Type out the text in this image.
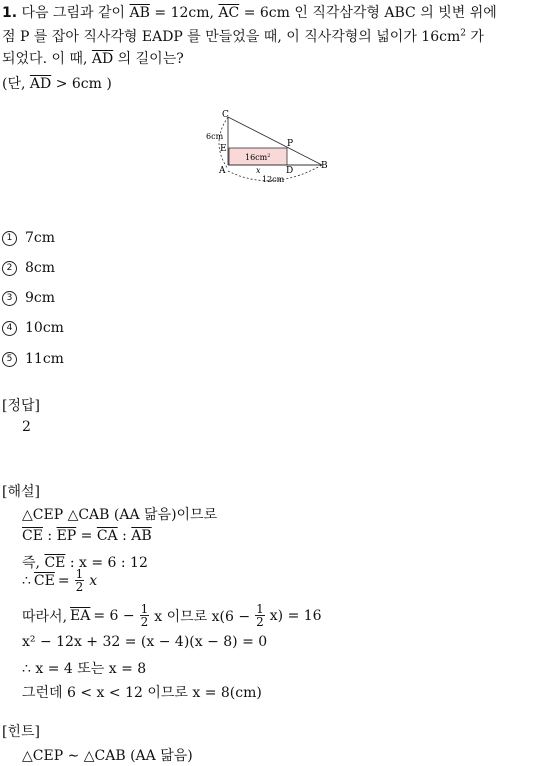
1. 다음 그림과 같이 $\overline{AB} = 12cm$, $\overline{AC} = 6cm$ 인 직각삼각형 ABC 의 빗변 위에
점 P 를 잡아 직사각형 EADP 를 만들었을 때, 이 직사각형의 넓이가 $16cm^2$ 가
되었다. 이 때, $\overline{AD}$ 의 길이는?
(단, $\overline{AD} > 6cm$ )
C
6cm
E	P
A	x	D	B
12cm
$16cm^2$
1 7cm
2 8cm
3 9cm
4 10cm
5 11cm
[정답]
2
[해설]
△CEP △CAB (AA 닮음)이므로
$\overline{CE}$ : $\overline{EP} = \overline{CA}$ : $\overline{AB}$
즉, $\overline{CE}$ : x = 6 : 12
∴ $\overline{CE} = \frac{1}{2}$ x
따라서, $\overline{EA} = 6 - \frac{1}{2}$ x 이므로 $x(6 - \frac{1}{2} x) = 16$
x² − 12x + 32 = (x − 4)(x − 8) = 0
∴ x = 4 또는 x = 8
그런데 6 < x < 12 이므로 x = 8(cm)
[힌트]
△CEP ∼ △CAB (AA 닮음)
